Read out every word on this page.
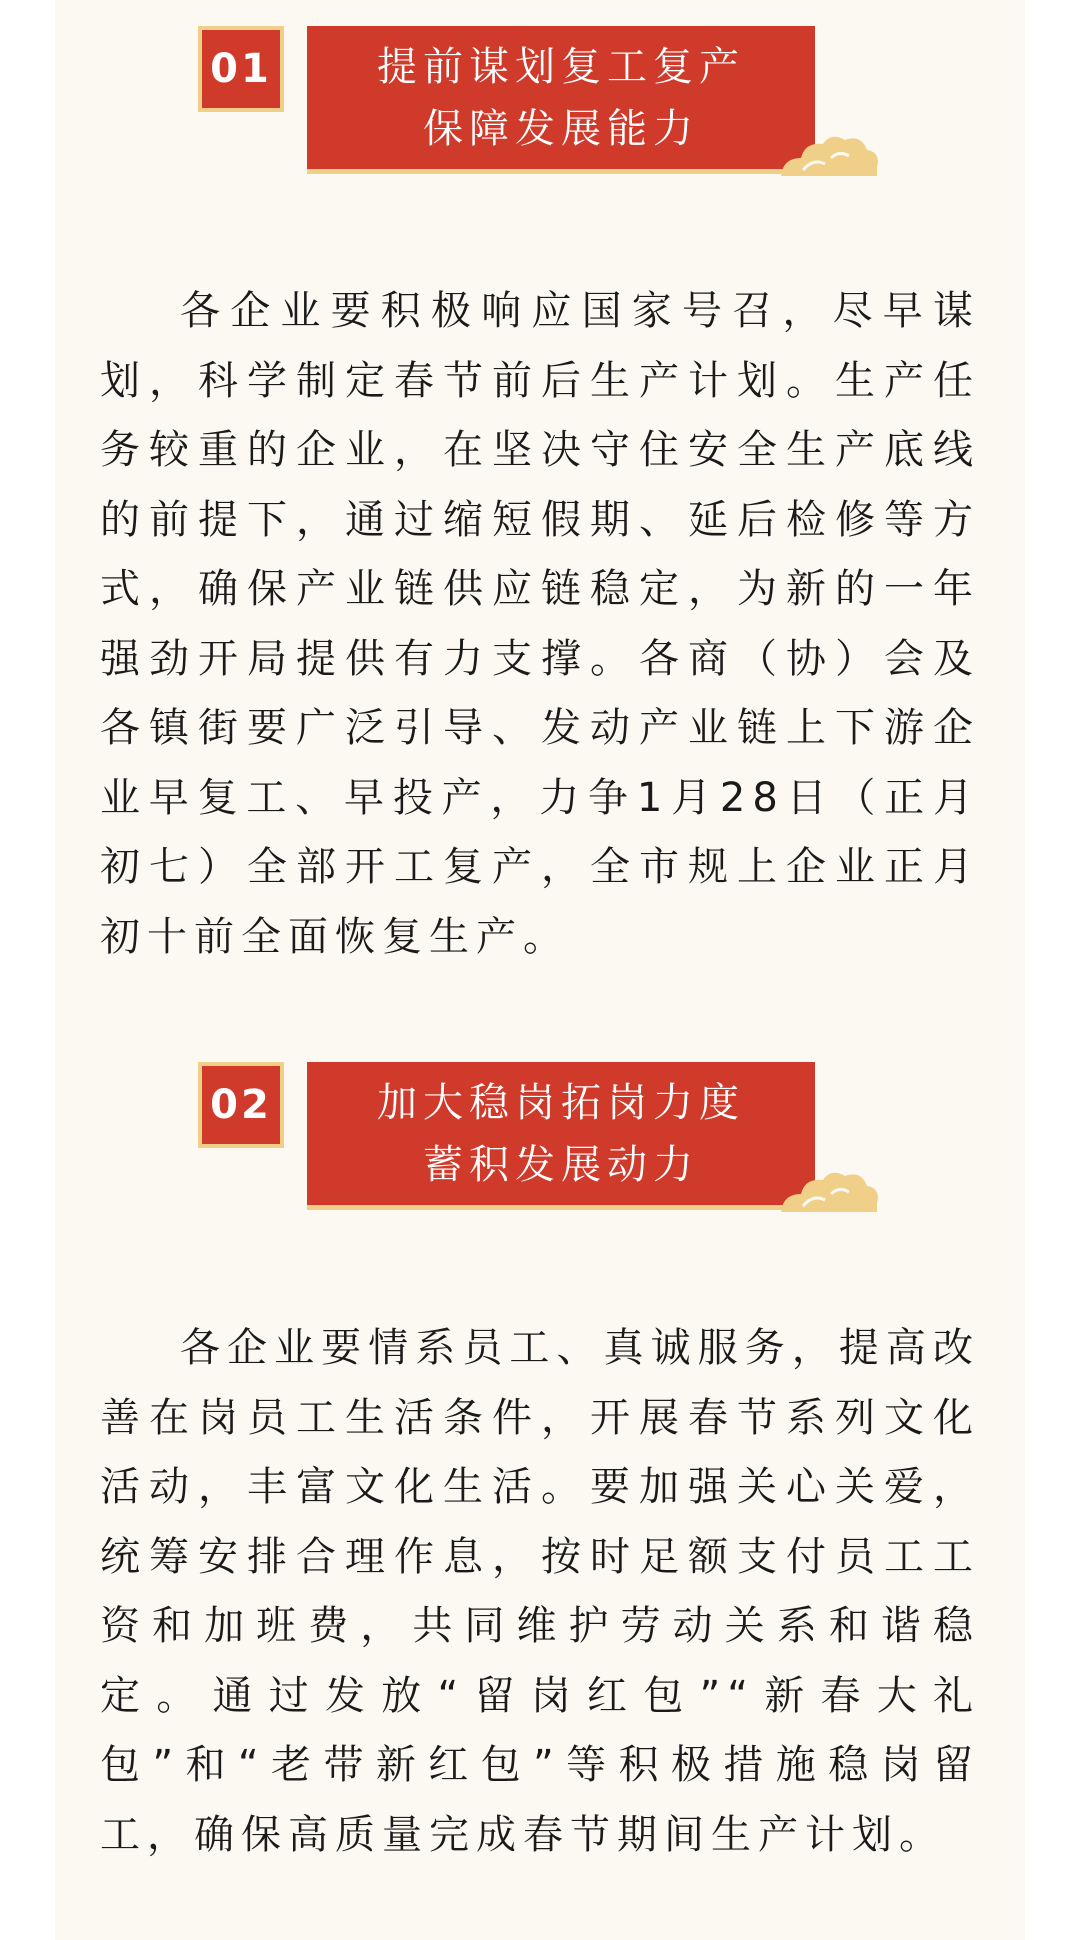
01	提前谋划复工复产
保障发展能力

各企业要积极响应国家号召，尽早谋划，科学制定春节前后生产计划。生产任务较重的企业，在坚决守住安全生产底线的前提下，通过缩短假期、延后检修等方式，确保产业链供应链稳定，为新的一年强劲开局提供有力支撑。各商（协）会及各镇街要广泛引导、发动产业链上下游企业早复工、早投产，力争1月28日（正月初七）全部开工复产，全市规上企业正月初十前全面恢复生产。

02	加大稳岗拓岗力度
蓄积发展动力

各企业要情系员工、真诚服务，提高改善在岗员工生活条件，开展春节系列文化活动，丰富文化生活。要加强关心关爱，统筹安排合理作息，按时足额支付员工工资和加班费，共同维护劳动关系和谐稳定。通过发放“留岗红包”“新春大礼包”和“老带新红包”等积极措施稳岗留工，确保高质量完成春节期间生产计划。
